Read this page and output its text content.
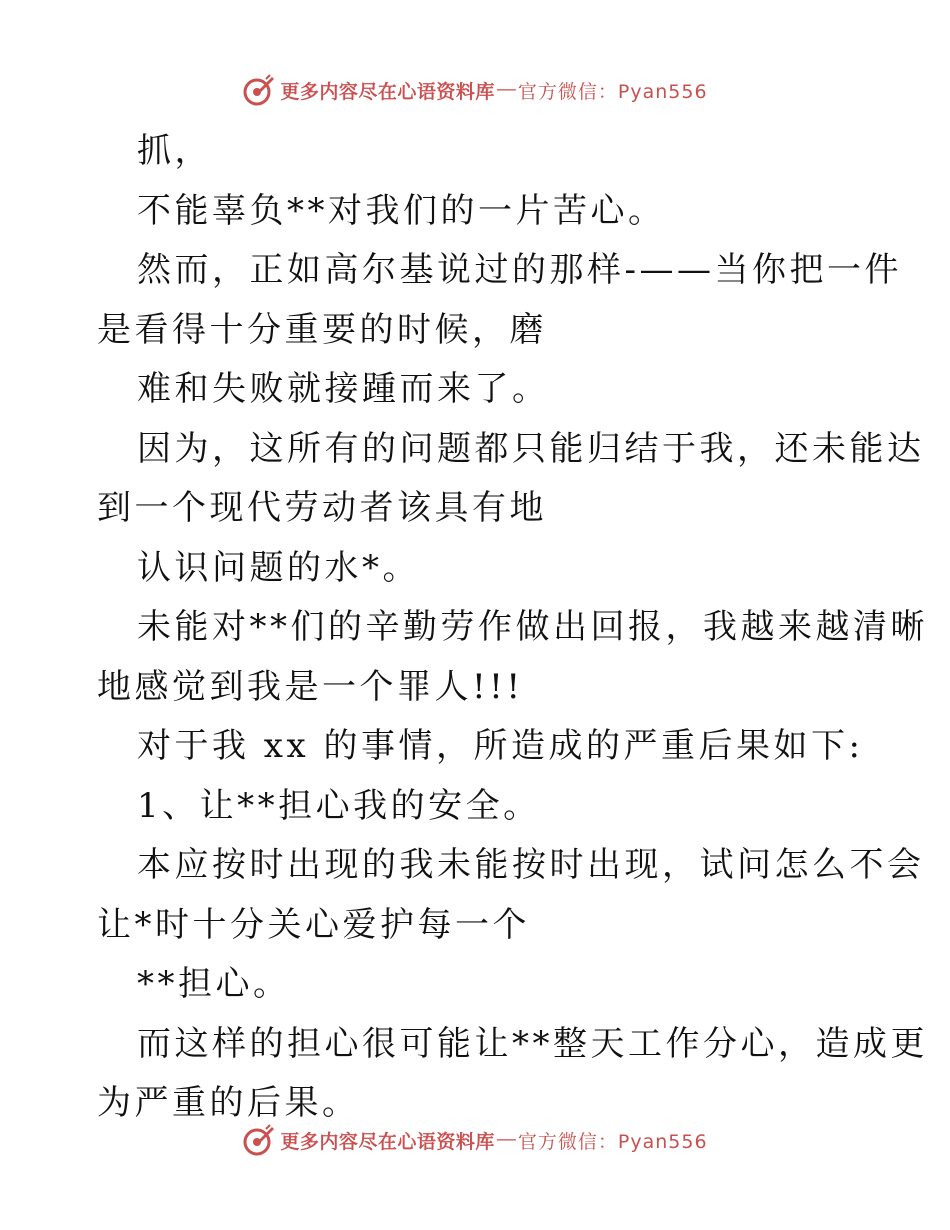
更多内容尽在心语资料库 — 官方微信：Pyan556
抓，
不能辜负**对我们的一片苦心。
然而，正如高尔基说过的那样-——当你把一件
是看得十分重要的时候，磨
难和失败就接踵而来了。
因为，这所有的问题都只能归结于我，还未能达
到一个现代劳动者该具有地
认识问题的水*。
未能对**们的辛勤劳作做出回报，我越来越清晰
地感觉到我是一个罪人!!!
对于我 xx 的事情，所造成的严重后果如下:
1、让**担心我的安全。
本应按时出现的我未能按时出现，试问怎么不会
让*时十分关心爱护每一个
**担心。
而这样的担心很可能让**整天工作分心，造成更
为严重的后果。
更多内容尽在心语资料库 — 官方微信：Pyan556
